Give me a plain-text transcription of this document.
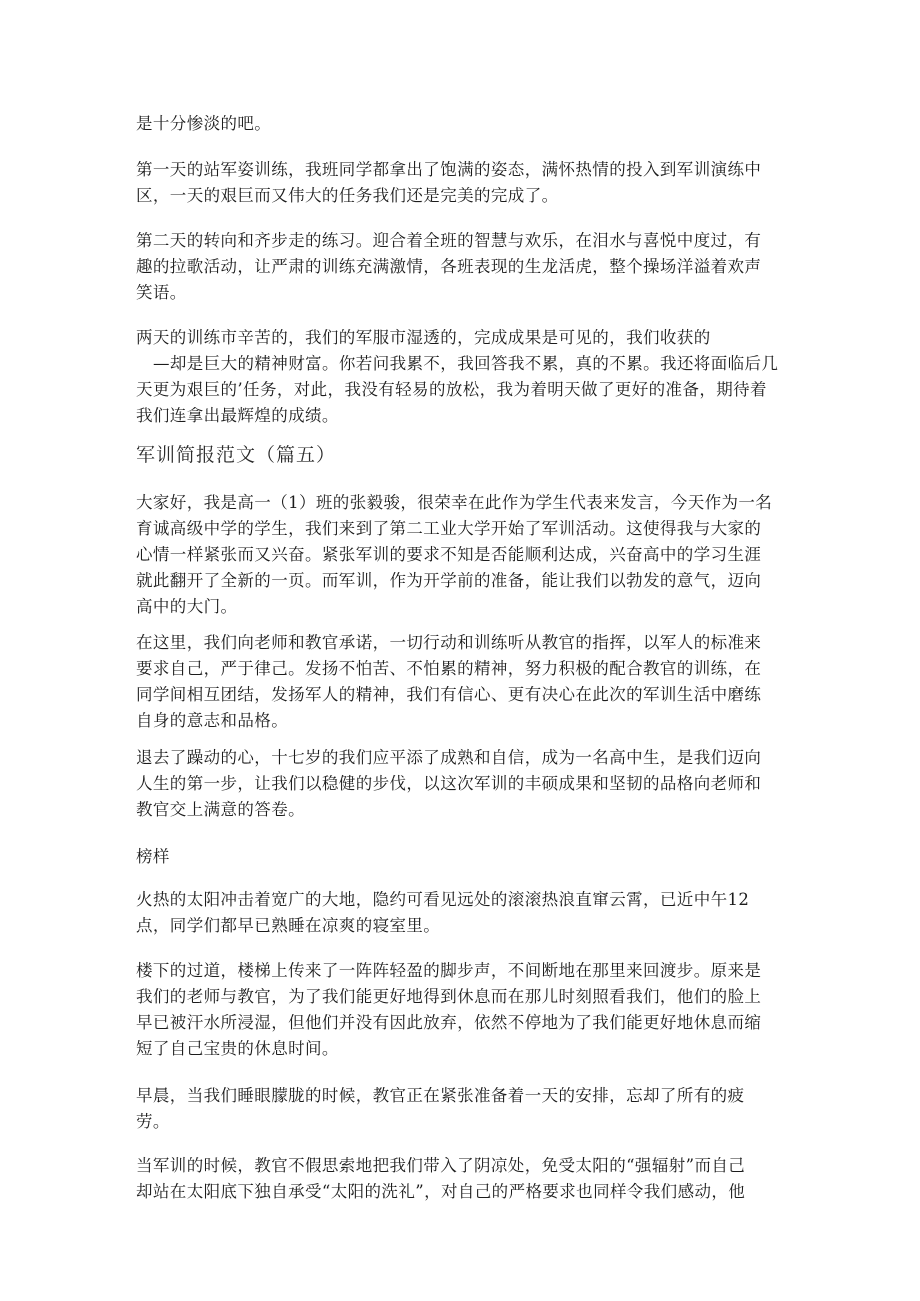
是十分惨淡的吧。
第一天的站军姿训练，我班同学都拿出了饱满的姿态，满怀热情的投入到军训演练中
区，一天的艰巨而又伟大的任务我们还是完美的完成了。
第二天的转向和齐步走的练习。迎合着全班的智慧与欢乐，在泪水与喜悦中度过，有
趣的拉歌活动，让严肃的训练充满激情，各班表现的生龙活虎，整个操场洋溢着欢声
笑语。
两天的训练市辛苦的，我们的军服市湿透的，完成成果是可见的，我们收获的
—却是巨大的精神财富。你若问我累不，我回答我不累，真的不累。我还将面临后几
天更为艰巨的’任务，对此，我没有轻易的放松，我为着明天做了更好的准备，期待着
我们连拿出最辉煌的成绩。
军训简报范文（篇五）
大家好，我是高一（1）班的张毅骏，很荣幸在此作为学生代表来发言，今天作为一名
育诚高级中学的学生，我们来到了第二工业大学开始了军训活动。这使得我与大家的
心情一样紧张而又兴奋。紧张军训的要求不知是否能顺利达成，兴奋高中的学习生涯
就此翻开了全新的一页。而军训，作为开学前的准备，能让我们以勃发的意气，迈向
高中的大门。
在这里，我们向老师和教官承诺，一切行动和训练听从教官的指挥，以军人的标准来
要求自己，严于律己。发扬不怕苦、不怕累的精神，努力积极的配合教官的训练，在
同学间相互团结，发扬军人的精神，我们有信心、更有决心在此次的军训生活中磨练
自身的意志和品格。
退去了躁动的心，十七岁的我们应平添了成熟和自信，成为一名高中生，是我们迈向
人生的第一步，让我们以稳健的步伐，以这次军训的丰硕成果和坚韧的品格向老师和
教官交上满意的答卷。
榜样
火热的太阳冲击着宽广的大地，隐约可看见远处的滚滚热浪直窜云霄，已近中午12
点，同学们都早已熟睡在凉爽的寝室里。
楼下的过道，楼梯上传来了一阵阵轻盈的脚步声，不间断地在那里来回渡步。原来是
我们的老师与教官，为了我们能更好地得到休息而在那儿时刻照看我们，他们的脸上
早已被汗水所浸湿，但他们并没有因此放弃，依然不停地为了我们能更好地休息而缩
短了自己宝贵的休息时间。
早晨，当我们睡眼朦胧的时候，教官正在紧张准备着一天的安排，忘却了所有的疲
劳。
当军训的时候，教官不假思索地把我们带入了阴凉处，免受太阳的“强辐射”而自己
却站在太阳底下独自承受“太阳的洗礼”，对自己的严格要求也同样令我们感动，他
